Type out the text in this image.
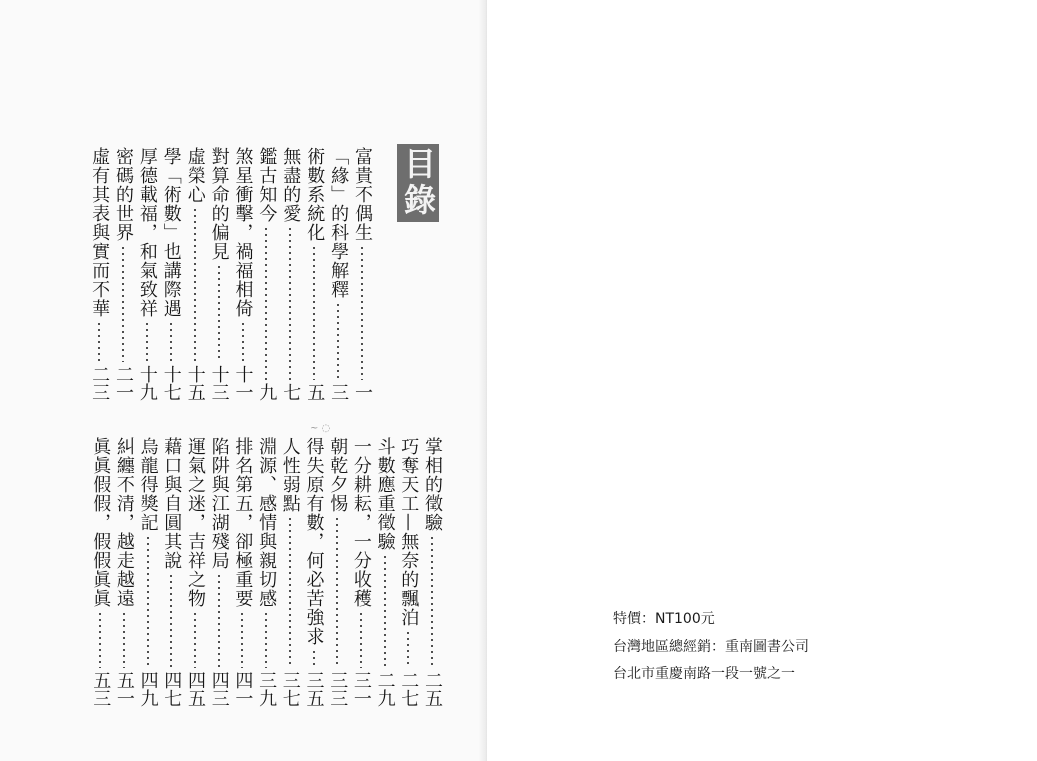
目錄
富貴不偶生
一
「緣」的科學解釋
三
術數系統化
五
無盡的愛
七
鑑古知今
九
煞星衝擊，禍福相倚
十一
對算命的偏見
十三
虛榮心
十五
學「術數」也講際遇
十七
厚德載福，和氣致祥
十九
密碼的世界
二一
虛有其表與實而不華
二三
掌相的徵驗
二五
巧奪天工—無奈的飄泊
二七
斗數應重徵驗
二九
一分耕耘，一分收穫
三一
朝乾夕惕
三三
得失原有數，何必苦強求
三五
人性弱點
三七
淵源、感情與親切感
三九
排名第五，卻極重要
四一
陷阱與江湖殘局
四三
運氣之迷，吉祥之物
四五
藉口與自圓其說
四七
烏龍得獎記
四九
糾纏不清，越走越遠
五一
眞眞假假，假假眞眞
五三
~ ◌
特價：NT100元
台灣地區總經銷：重南圖書公司
台北市重慶南路一段一號之一
